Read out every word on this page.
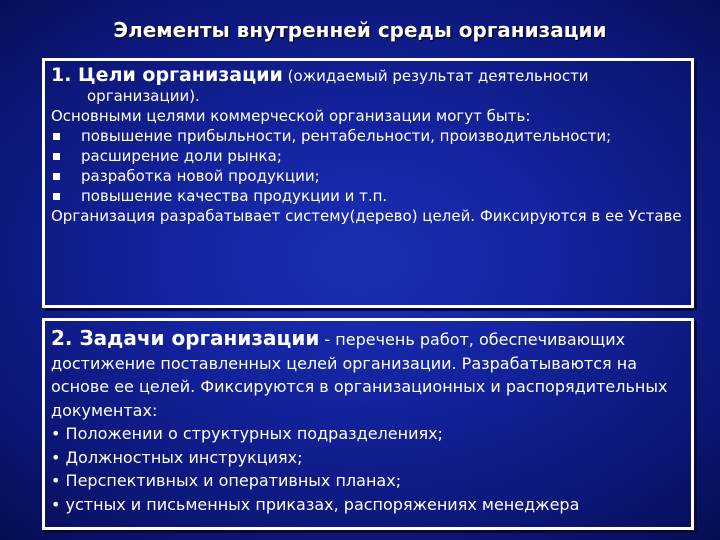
Элементы внутренней среды организации
1. Цели организации (ожидаемый результат деятельности организации).
Основными целями коммерческой организации могут быть:
повышение прибыльности, рентабельности, производительности;
расширение доли рынка;
разработка новой продукции;
повышение качества продукции и т.п.
Организация разрабатывает систему(дерево) целей. Фиксируются в ее Уставе
2. Задачи организации - перечень работ, обеспечивающих достижение поставленных целей организации. Разрабатываются на основе ее целей. Фиксируются в организационных и распорядительных документах:
• Положении о структурных подразделениях;
• Должностных инструкциях;
• Перспективных и оперативных планах;
• устных и письменных приказах, распоряжениях менеджера
